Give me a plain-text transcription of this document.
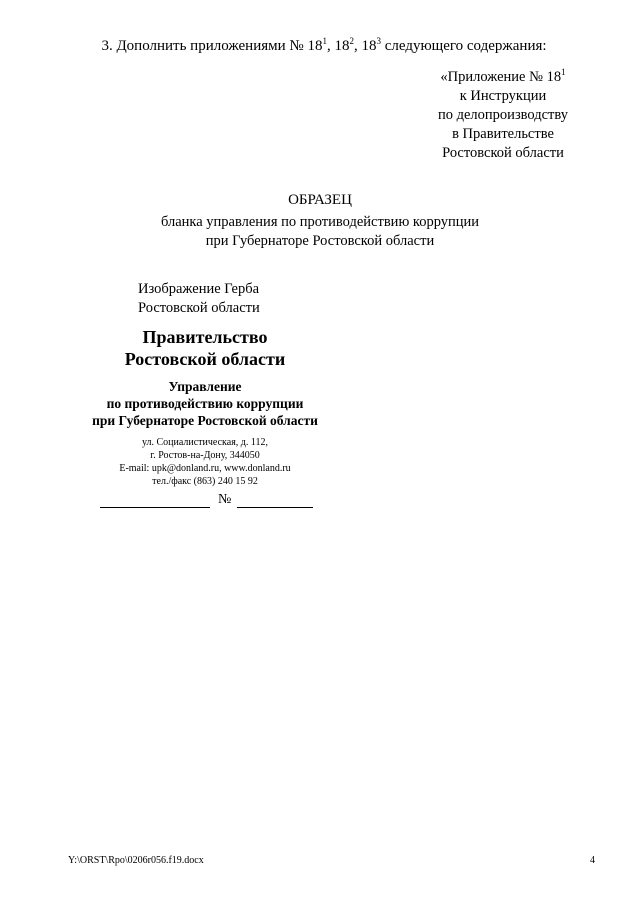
3. Дополнить приложениями № $18^1$, $18^2$, $18^3$ следующего содержания:
«Приложение № $18^1$
к Инструкции
по делопроизводству
в Правительстве
Ростовской области
ОБРАЗЕЦ
бланка управления по противодействию коррупции
при Губернаторе Ростовской области
Изображение Герба
Ростовской области
Правительство
Ростовской области
Управление
по противодействию коррупции
при Губернаторе Ростовской области
ул. Социалистическая, д. 112,
г. Ростов-на-Дону, 344050
E-mail: upk@donland.ru, www.donland.ru
тел./факс (863) 240 15 92
№
Y:\ORST\Rpo\0206r056.f19.docx	4
